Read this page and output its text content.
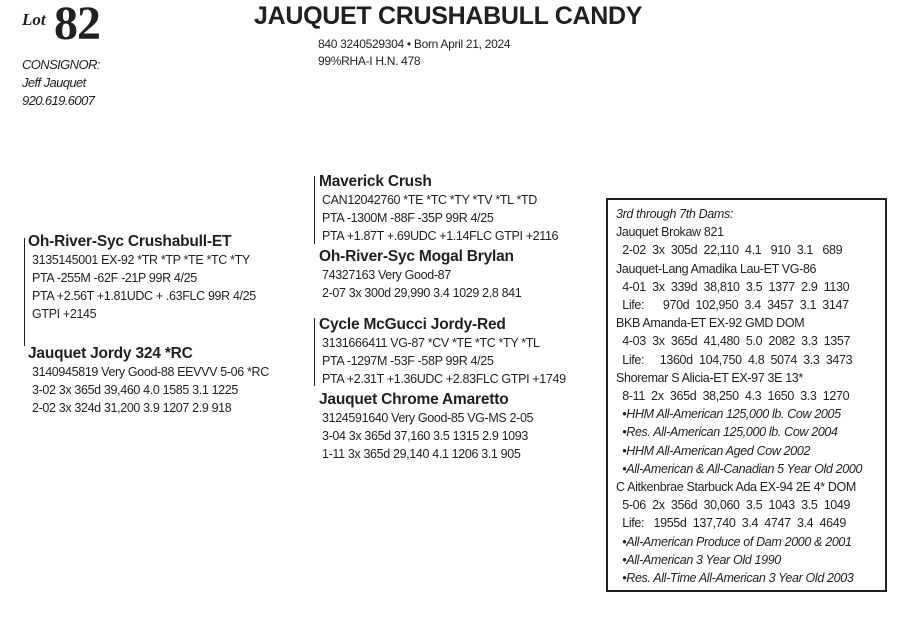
Lot 82
CONSIGNOR:
Jeff Jauquet
920.619.6007
JAUQUET CRUSHABULL CANDY
840 3240529304 • Born April 21, 2024
99%RHA-I H.N. 478
Oh-River-Syc Crushabull-ET
3135145001 EX-92 *TR *TP *TE *TC *TY
PTA -255M -62F -21P 99R 4/25
PTA +2.56T +1.81UDC + .63FLC 99R 4/25
GTPI +2145
Jauquet Jordy 324 *RC
3140945819 Very Good-88 EEVVV 5-06 *RC
3-02 3x 365d 39,460 4.0 1585 3.1 1225
2-02 3x 324d 31,200 3.9 1207 2.9 918
Maverick Crush
CAN12042760 *TE *TC *TY *TV *TL *TD
PTA -1300M -88F -35P 99R 4/25
PTA +1.87T +.69UDC +1.14FLC GTPI +2116
Oh-River-Syc Mogal Brylan
74327163 Very Good-87
2-07 3x 300d 29,990 3.4 1029 2.8 841
Cycle McGucci Jordy-Red
3131666411 VG-87 *CV *TE *TC *TY *TL
PTA -1297M -53F -58P 99R 4/25
PTA +2.31T +1.36UDC +2.83FLC GTPI +1749
Jauquet Chrome Amaretto
3124591640 Very Good-85 VG-MS 2-05
3-04 3x 365d 37,160 3.5 1315 2.9 1093
1-11 3x 365d 29,140 4.1 1206 3.1 905
3rd through 7th Dams:
Jauquet Brokaw 821
2-02  3x  305d  22,110  4.1   910  3.1   689
Jauquet-Lang Amadika Lau-ET VG-86
4-01  3x  339d  38,810  3.5  1377  2.9  1130
Life:      970d  102,950  3.4  3457  3.1  3147
BKB Amanda-ET EX-92 GMD DOM
4-03  3x  365d  41,480  5.0  2082  3.3  1357
Life:     1360d  104,750  4.8  5074  3.3  3473
Shoremar S Alicia-ET EX-97 3E 13*
8-11  2x  365d  38,250  4.3  1650  3.3  1270
•HHM All-American 125,000 lb. Cow 2005
•Res. All-American 125,000 lb. Cow 2004
•HHM All-American Aged Cow 2002
•All-American & All-Canadian 5 Year Old 2000
C Aitkenbrae Starbuck Ada EX-94 2E 4* DOM
5-06  2x  356d  30,060  3.5  1043  3.5  1049
Life:   1955d  137,740  3.4  4747  3.4  4649
•All-American Produce of Dam 2000 & 2001
•All-American 3 Year Old 1990
•Res. All-Time All-American 3 Year Old 2003
